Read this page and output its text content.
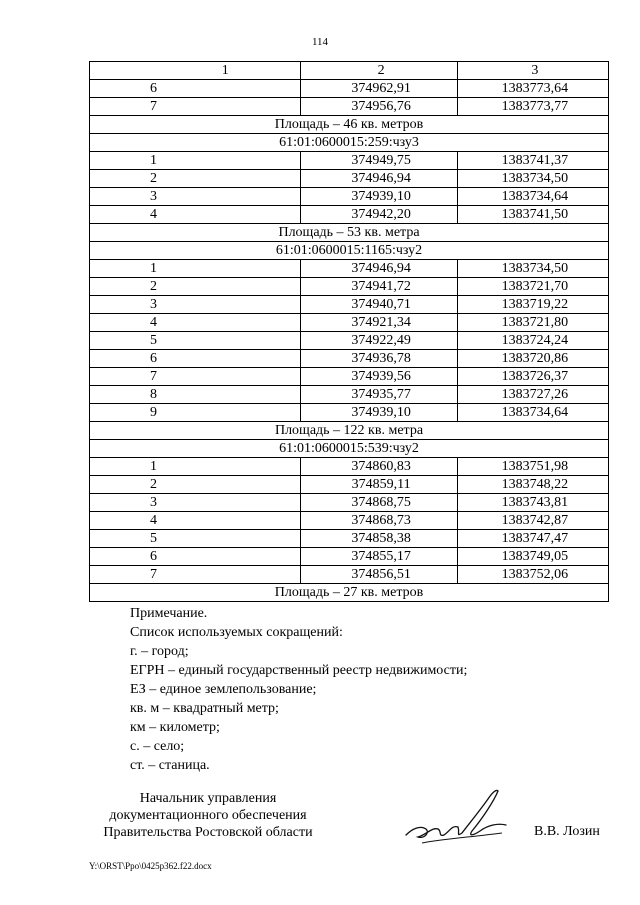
114
1	2	3
6	374962,91	1383773,64
7	374956,76	1383773,77
Площадь – 46 кв. метров		
61:01:0600015:259:чзу3		
1	374949,75	1383741,37
2	374946,94	1383734,50
3	374939,10	1383734,64
4	374942,20	1383741,50
Площадь – 53 кв. метра		
61:01:0600015:1165:чзу2		
1	374946,94	1383734,50
2	374941,72	1383721,70
3	374940,71	1383719,22
4	374921,34	1383721,80
5	374922,49	1383724,24
6	374936,78	1383720,86
7	374939,56	1383726,37
8	374935,77	1383727,26
9	374939,10	1383734,64
Площадь – 122 кв. метра		
61:01:0600015:539:чзу2		
1	374860,83	1383751,98
2	374859,11	1383748,22
3	374868,75	1383743,81
4	374868,73	1383742,87
5	374858,38	1383747,47
6	374855,17	1383749,05
7	374856,51	1383752,06
Площадь – 27 кв. метров		
Примечание.
Список используемых сокращений:
г. – город;
ЕГРН – единый государственный реестр недвижимости;
ЕЗ – единое землепользование;
кв. м – квадратный метр;
км – километр;
с. – село;
ст. – станица.
Начальник управления
документационного обеспечения
Правительства Ростовской области	В.В. Лозин
Y:\ORST\Ppo\0425p362.f22.docx
